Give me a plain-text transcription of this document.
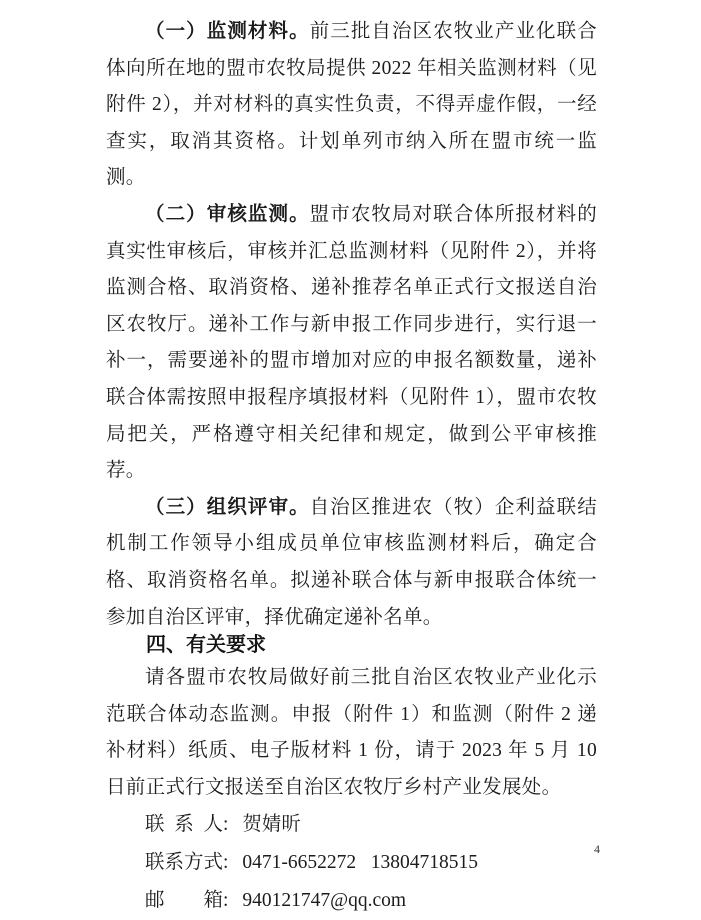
（一）监测材料。前三批自治区农牧业产业化联合体向所在地的盟市农牧局提供 2022 年相关监测材料（见附件 2），并对材料的真实性负责，不得弄虚作假，一经查实，取消其资格。计划单列市纳入所在盟市统一监测。

（二）审核监测。盟市农牧局对联合体所报材料的真实性审核后，审核并汇总监测材料（见附件 2），并将监测合格、取消资格、递补推荐名单正式行文报送自治区农牧厅。递补工作与新申报工作同步进行，实行退一补一，需要递补的盟市增加对应的申报名额数量，递补联合体需按照申报程序填报材料（见附件 1），盟市农牧局把关，严格遵守相关纪律和规定，做到公平审核推荐。

（三）组织评审。自治区推进农（牧）企利益联结机制工作领导小组成员单位审核监测材料后，确定合格、取消资格名单。拟递补联合体与新申报联合体统一参加自治区评审，择优确定递补名单。

四、有关要求

请各盟市农牧局做好前三批自治区农牧业产业化示范联合体动态监测。申报（附件 1）和监测（附件 2 递补材料）纸质、电子版材料 1 份，请于 2023 年 5 月 10 日前正式行文报送至自治区农牧厅乡村产业发展处。

联  系  人: 贺婧昕
联系方式: 0471-6652272   13804718515
邮　　箱: 940121747@qq.com
4
